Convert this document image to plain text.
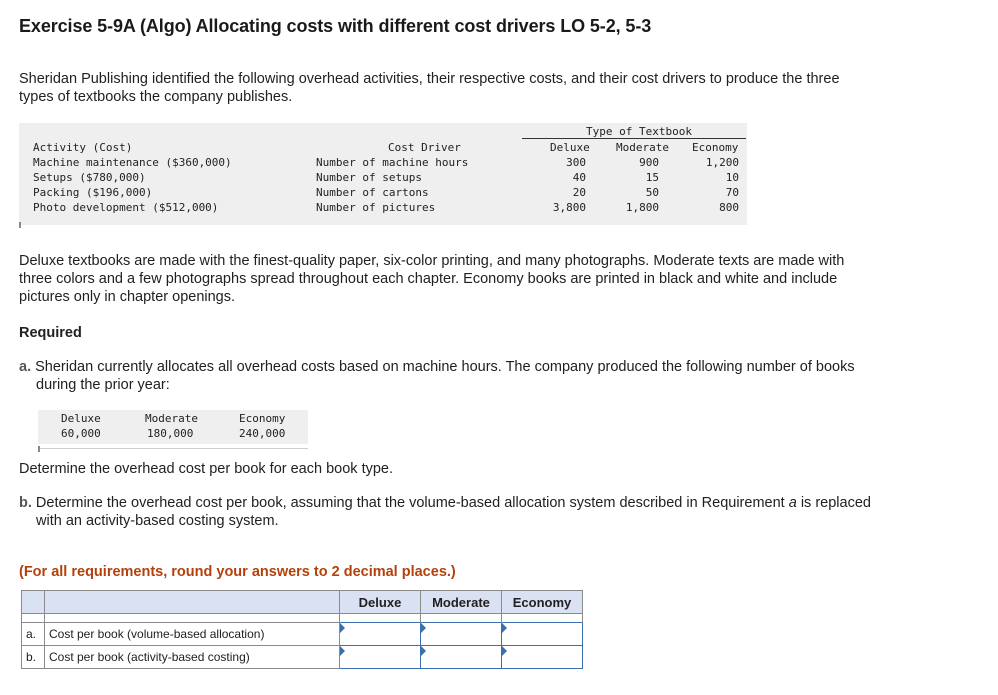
Exercise 5-9A (Algo) Allocating costs with different cost drivers LO 5-2, 5-3

Sheridan Publishing identified the following overhead activities, their respective costs, and their cost drivers to produce the three
types of textbooks the company publishes.

Type of Textbook
Activity (Cost)	Cost Driver	Deluxe Moderate Economy
Machine maintenance ($360,000)	Number of machine hours	300	900	1,200
Setups ($780,000)	Number of setups	40	15	10
Packing ($196,000)	Number of cartons	20	50	70
Photo development ($512,000)	Number of pictures	3,800	1,800	800

Deluxe textbooks are made with the finest-quality paper, six-color printing, and many photographs. Moderate texts are made with
three colors and a few photographs spread throughout each chapter. Economy books are printed in black and white and include
pictures only in chapter openings.

Required

a. Sheridan currently allocates all overhead costs based on machine hours. The company produced the following number of books
during the prior year:

Deluxe	Moderate	Economy
60,000	180,000	240,000

Determine the overhead cost per book for each book type.

b. Determine the overhead cost per book, assuming that the volume-based allocation system described in Requirement a is replaced
with an activity-based costing system.

(For all requirements, round your answers to 2 decimal places.)

		Deluxe	Moderate	Economy

a.	Cost per book (volume-based allocation)	

b.	Cost per book (activity-based costing)	
